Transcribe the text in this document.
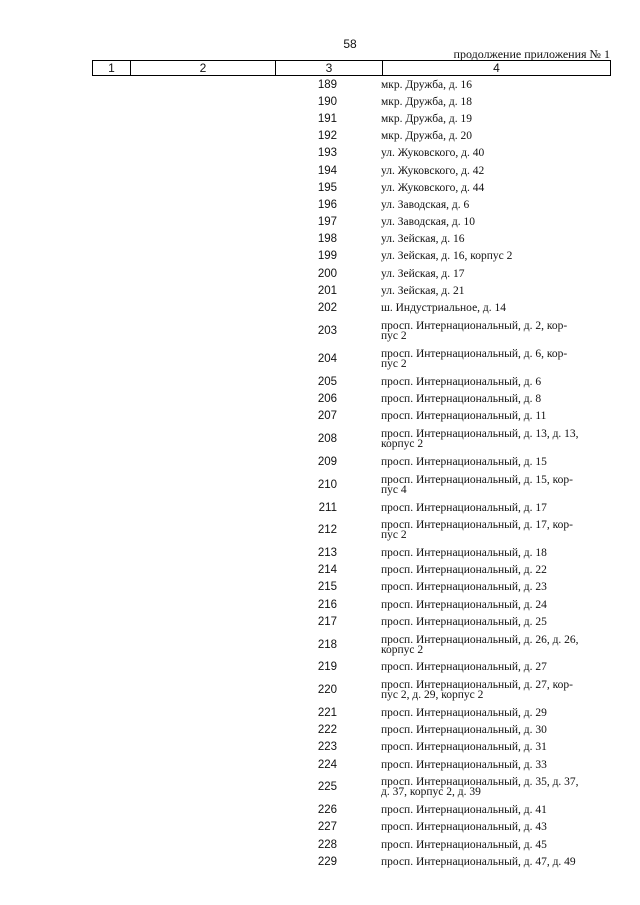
58
продолжение приложения № 1
1	2	3	4
189	мкр. Дружба, д. 16
190	мкр. Дружба, д. 18
191	мкр. Дружба, д. 19
192	мкр. Дружба, д. 20
193	ул. Жуковского, д. 40
194	ул. Жуковского, д. 42
195	ул. Жуковского, д. 44
196	ул. Заводская, д. 6
197	ул. Заводская, д. 10
198	ул. Зейская, д. 16
199	ул. Зейская, д. 16, корпус 2
200	ул. Зейская, д. 17
201	ул. Зейская, д. 21
202	ш. Индустриальное, д. 14
203	просп. Интернациональный, д. 2, кор-
пус 2
204	просп. Интернациональный, д. 6, кор-
пус 2
205	просп. Интернациональный, д. 6
206	просп. Интернациональный, д. 8
207	просп. Интернациональный, д. 11
208	просп. Интернациональный, д. 13, д. 13,
корпус 2
209	просп. Интернациональный, д. 15
210	просп. Интернациональный, д. 15, кор-
пус 4
211	просп. Интернациональный, д. 17
212	просп. Интернациональный, д. 17, кор-
пус 2
213	просп. Интернациональный, д. 18
214	просп. Интернациональный, д. 22
215	просп. Интернациональный, д. 23
216	просп. Интернациональный, д. 24
217	просп. Интернациональный, д. 25
218	просп. Интернациональный, д. 26, д. 26,
корпус 2
219	просп. Интернациональный, д. 27
220	просп. Интернациональный, д. 27, кор-
пус 2, д. 29, корпус 2
221	просп. Интернациональный, д. 29
222	просп. Интернациональный, д. 30
223	просп. Интернациональный, д. 31
224	просп. Интернациональный, д. 33
225	просп. Интернациональный, д. 35, д. 37,
д. 37, корпус 2, д. 39
226	просп. Интернациональный, д. 41
227	просп. Интернациональный, д. 43
228	просп. Интернациональный, д. 45
229	просп. Интернациональный, д. 47, д. 49
